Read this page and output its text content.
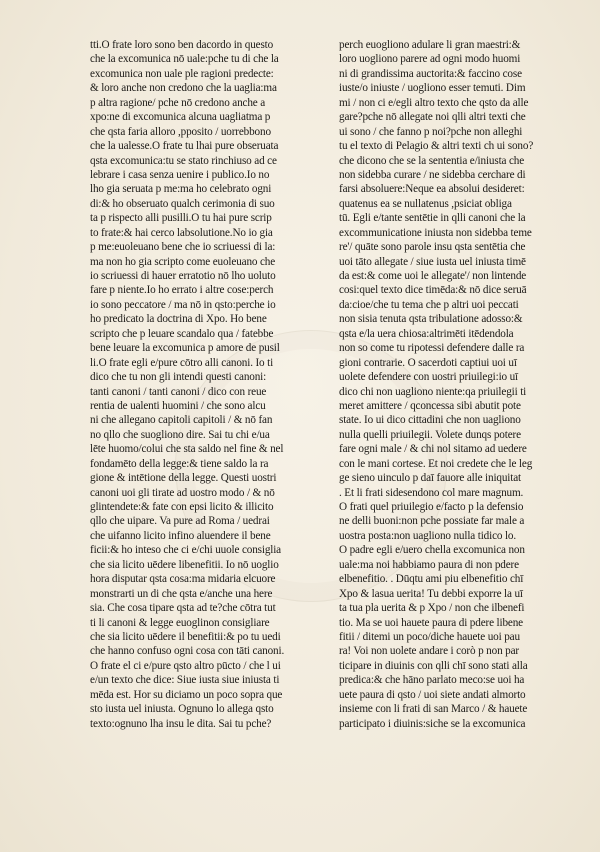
tti.O frate loro sono ben dacordo in questo
che la excomunica nō uale:pche tu di che la
excomunica non uale ple ragioni predecte:
& loro anche non credono che la uaglia:ma
p altra ragione/ pche nō credono anche a
xpo:ne di excomunica alcuna uagliatma p
che qsta faria alloro ,pposito / uorrebbono
che la ualesse.O frate tu lhai pure obseruata
qsta excomunica:tu se stato rinchiuso ad ce
lebrare i casa senza uenire i publico.Io no
lho gia seruata p me:ma ho celebrato ogni
di:& ho obseruato qualch cerimonia di suo
ta p rispecto alli pusilli.O tu hai pure scrip
to frate:& hai cerco labsolutione.No io gia
p me:euoleuano bene che io scriuessi di la:
ma non ho gia scripto come euoleuano che
io scriuessi di hauer erratotio nō lho uoluto
fare p niente.Io ho errato i altre cose:perch
io sono peccatore / ma nō in qsto:perche io
ho predicato la doctrina di Xpo. Ho bene
scripto che p leuare scandalo qua / fatebbe
bene leuare la excomunica p amore de pusil
li.O frate egli e/pure cōtro alli canoni. Io ti
dico che tu non gli intendi questi canoni:
tanti canoni / tanti canoni / dico con reue
rentia de ualenti huomini / che sono alcu
ni che allegano capitoli capitoli / & nō fan
no qllo che suogliono dire. Sai tu chi e/ua
lēte huomo/colui che sta saldo nel fine & nel
fondamēto della legge:& tiene saldo la ra
gione & intētione della legge. Questi uostri
canoni uoi gli tirate ad uostro modo / & nō
glintendete:& fate con epsi licito & illicito
qllo che uipare. Va pure ad Roma / uedrai
che uifanno licito infino aluendere il bene
ficii:& ho inteso che ci e/chi uuole consiglia
che sia licito uēdere libenefitii. Io nō uoglio
hora disputar qsta cosa:ma midaria elcuore
monstrarti un di che qsta e/anche una here
sia. Che cosa tipare qsta ad te?che cōtra tut
ti li canoni & legge euoglinon consigliare
che sia licito uēdere il benefitii:& po tu uedi
che hanno confuso ogni cosa con tāti canoni.
O frate el ci e/pure qsto altro pūcto / che l ui
e/un texto che dice: Siue iusta siue iniusta ti
mēda est. Hor su diciamo un poco sopra que
sto iusta uel iniusta. Ognuno lo allega qsto
texto:ognuno lha insu le dita. Sai tu pche?
perch euogliono adulare li gran maestri:&
loro uogliono parere ad ogni modo huomi
ni di grandissima auctorita:& faccino cose
iuste/o iniuste / uogliono esser temuti. Dim
mi / non ci e/egli altro texto che qsto da alle
gare?pche nō allegate noi qlli altri texti che
ui sono / che fanno p noi?pche non alleghi
tu el texto di Pelagio & altri texti ch ui sono?
che dicono che se la sententia e/iniusta che
non sidebba curare / ne sidebba cerchare di
farsi absoluere:Neque ea absolui desideret:
quatenus ea se nullatenus ,psiciat obliga
tū. Egli e/tante sentētie in qlli canoni che la
excommunicatione iniusta non sidebba teme
re'/ quāte sono parole insu qsta sentētia che
uoi tāto allegate / siue iusta uel iniusta timē
da est:& come uoi le allegate'/ non lintende
cosi:quel texto dice timēda:& nō dice seruā
da:cioe/che tu tema che p altri uoi peccati
non sisia tenuta qsta tribulatione adosso:&
qsta e/la uera chiosa:altrimēti itēdendola
non so come tu ripotessi defendere dalle ra
gioni contrarie. O sacerdoti captiui uoi uī
uolete defendere con uostri priuilegi:io uī
dico chi non uagliono niente:qa priuilegii ti
meret amittere / qconcessa sibi abutit pote
state. Io ui dico cittadini che non uagliono
nulla quelli priuilegii. Volete dunqs potere
fare ogni male / & chi nol sitamo ad uedere
con le mani cortese. Et noi credete che le leg
ge sieno uinculo p daī fauore alle iniquitat
. Et li frati sidesendono col mare magnum.
O frati quel priuilegio e/facto p la defensio
ne delli buoni:non pche possiate far male a
uostra posta:non uagliono nulla tidico lo.
O padre egli e/uero chella excomunica non
uale:ma noi habbiamo paura di non pdere
elbenefitio. . Dūqtu ami piu elbenefitio chī
Xpo & lasua uerita! Tu debbi exporre la uī
ta tua pla uerita & p Xpo / non che ilbenefi
tio. Ma se uoi hauete paura di pdere libene
fitii / ditemi un poco/diche hauete uoi pau
ra! Voi non uolete andare i corò p non par
ticipare in diuinis con qlli chī sono stati alla
predica:& che hāno parlato meco:se uoi ha
uete paura di qsto / uoi siete andati almorto
insieme con li frati di san Marco / & hauete
participato i diuinis:siche se la excomunica
